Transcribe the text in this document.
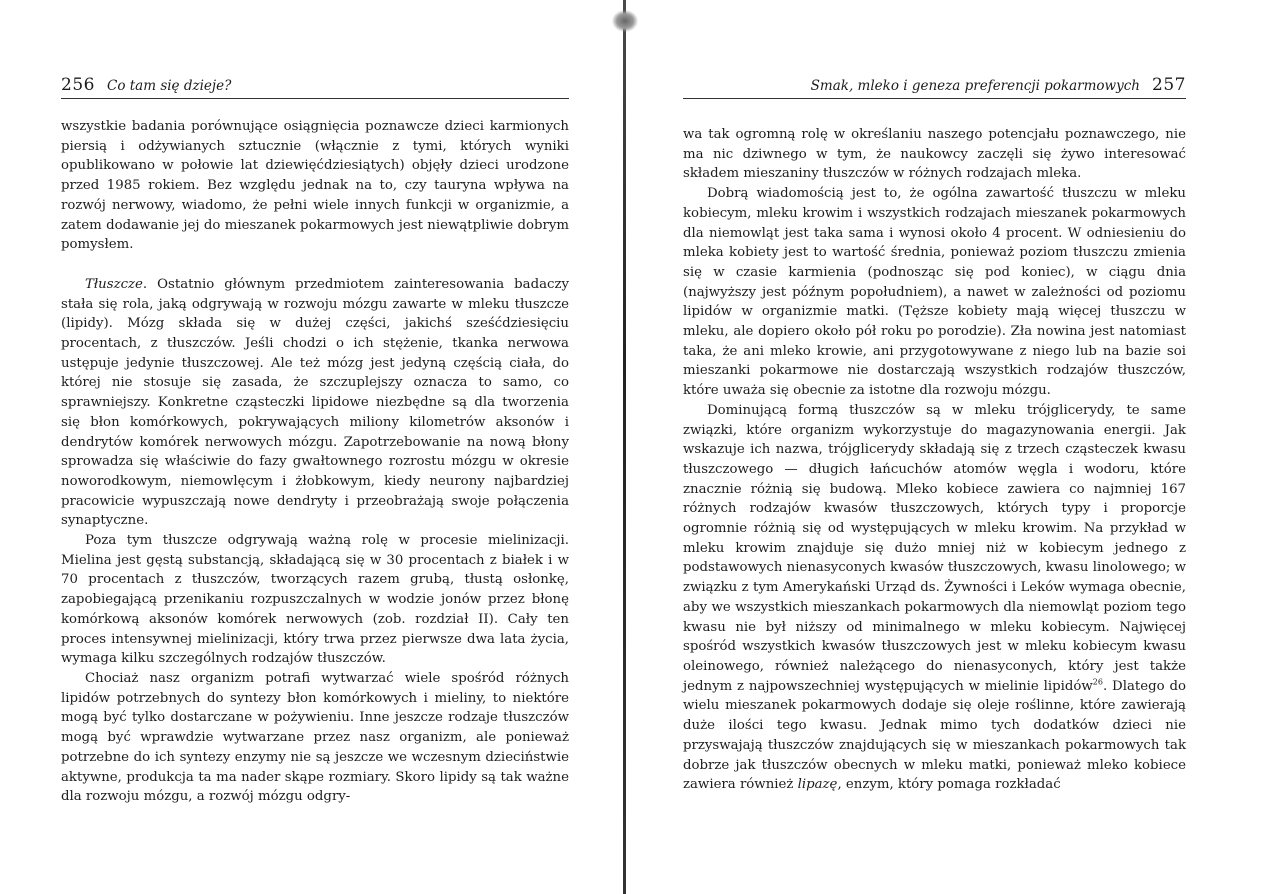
256 Co tam się dzieje?

wszystkie badania porównujące osiągnięcia poznawcze dzieci karmionych piersią i odżywianych sztucznie (włącznie z tymi, których wyniki opublikowano w połowie lat dziewięćdziesiątych) objęły dzieci urodzone przed 1985 rokiem. Bez względu jednak na to, czy tauryna wpływa na rozwój nerwowy, wiadomo, że pełni wiele innych funkcji w organizmie, a zatem dodawanie jej do mieszanek pokarmowych jest niewątpliwie dobrym pomysłem.

Tłuszcze. Ostatnio głównym przedmiotem zainteresowania badaczy stała się rola, jaką odgrywają w rozwoju mózgu zawarte w mleku tłuszcze (lipidy). Mózg składa się w dużej części, jakichś sześćdziesięciu procentach, z tłuszczów. Jeśli chodzi o ich stężenie, tkanka nerwowa ustępuje jedynie tłuszczowej. Ale też mózg jest jedyną częścią ciała, do której nie stosuje się zasada, że szczuplejszy oznacza to samo, co sprawniejszy. Konkretne cząsteczki lipidowe niezbędne są dla tworzenia się błon komórkowych, pokrywających miliony kilometrów aksonów i dendrytów komórek nerwowych mózgu. Zapotrzebowanie na nową błony sprowadza się właściwie do fazy gwałtownego rozrostu mózgu w okresie noworodkowym, niemowlęcym i żłobkowym, kiedy neurony najbardziej pracowicie wypuszczają nowe dendryty i przeobrażają swoje połączenia synaptyczne.

Poza tym tłuszcze odgrywają ważną rolę w procesie mielinizacji. Mielina jest gęstą substancją, składającą się w 30 procentach z białek i w 70 procentach z tłuszczów, tworzących razem grubą, tłustą osłonkę, zapobiegającą przenikaniu rozpuszczalnych w wodzie jonów przez błonę komórkową aksonów komórek nerwowych (zob. rozdział II). Cały ten proces intensywnej mielinizacji, który trwa przez pierwsze dwa lata życia, wymaga kilku szczególnych rodzajów tłuszczów.

Chociaż nasz organizm potrafi wytwarzać wiele spośród różnych lipidów potrzebnych do syntezy błon komórkowych i mieliny, to niektóre mogą być tylko dostarczane w pożywieniu. Inne jeszcze rodzaje tłuszczów mogą być wprawdzie wytwarzane przez nasz organizm, ale ponieważ potrzebne do ich syntezy enzymy nie są jeszcze we wczesnym dzieciństwie aktywne, produkcja ta ma nader skąpe rozmiary. Skoro lipidy są tak ważne dla rozwoju mózgu, a rozwój mózgu odgry-

Smak, mleko i geneza preferencji pokarmowych 257

wa tak ogromną rolę w określaniu naszego potencjału poznawczego, nie ma nic dziwnego w tym, że naukowcy zaczęli się żywo interesować składem mieszaniny tłuszczów w różnych rodzajach mleka.

Dobrą wiadomością jest to, że ogólna zawartość tłuszczu w mleku kobiecym, mleku krowim i wszystkich rodzajach mieszanek pokarmowych dla niemowląt jest taka sama i wynosi około 4 procent. W odniesieniu do mleka kobiety jest to wartość średnia, ponieważ poziom tłuszczu zmienia się w czasie karmienia (podnosząc się pod koniec), w ciągu dnia (najwyższy jest późnym popołudniem), a nawet w zależności od poziomu lipidów w organizmie matki. (Tęższe kobiety mają więcej tłuszczu w mleku, ale dopiero około pół roku po porodzie). Zła nowina jest natomiast taka, że ani mleko krowie, ani przygotowywane z niego lub na bazie soi mieszanki pokarmowe nie dostarczają wszystkich rodzajów tłuszczów, które uważa się obecnie za istotne dla rozwoju mózgu.

Dominującą formą tłuszczów są w mleku trójglicerydy, te same związki, które organizm wykorzystuje do magazynowania energii. Jak wskazuje ich nazwa, trójglicerydy składają się z trzech cząsteczek kwasu tłuszczowego — długich łańcuchów atomów węgla i wodoru, które znacznie różnią się budową. Mleko kobiece zawiera co najmniej 167 różnych rodzajów kwasów tłuszczowych, których typy i proporcje ogromnie różnią się od występujących w mleku krowim. Na przykład w mleku krowim znajduje się dużo mniej niż w kobiecym jednego z podstawowych nienasyconych kwasów tłuszczowych, kwasu linolowego; w związku z tym Amerykański Urząd ds. Żywności i Leków wymaga obecnie, aby we wszystkich mieszankach pokarmowych dla niemowląt poziom tego kwasu nie był niższy od minimalnego w mleku kobiecym. Najwięcej spośród wszystkich kwasów tłuszczowych jest w mleku kobiecym kwasu oleinowego, również należącego do nienasyconych, który jest także jednym z najpowszechniej występujących w mielinie lipidów$^{26}$. Dlatego do wielu mieszanek pokarmowych dodaje się oleje roślinne, które zawierają duże ilości tego kwasu. Jednak mimo tych dodatków dzieci nie przyswajają tłuszczów znajdujących się w mieszankach pokarmowych tak dobrze jak tłuszczów obecnych w mleku matki, ponieważ mleko kobiece zawiera również lipazę, enzym, który pomaga rozkładać
